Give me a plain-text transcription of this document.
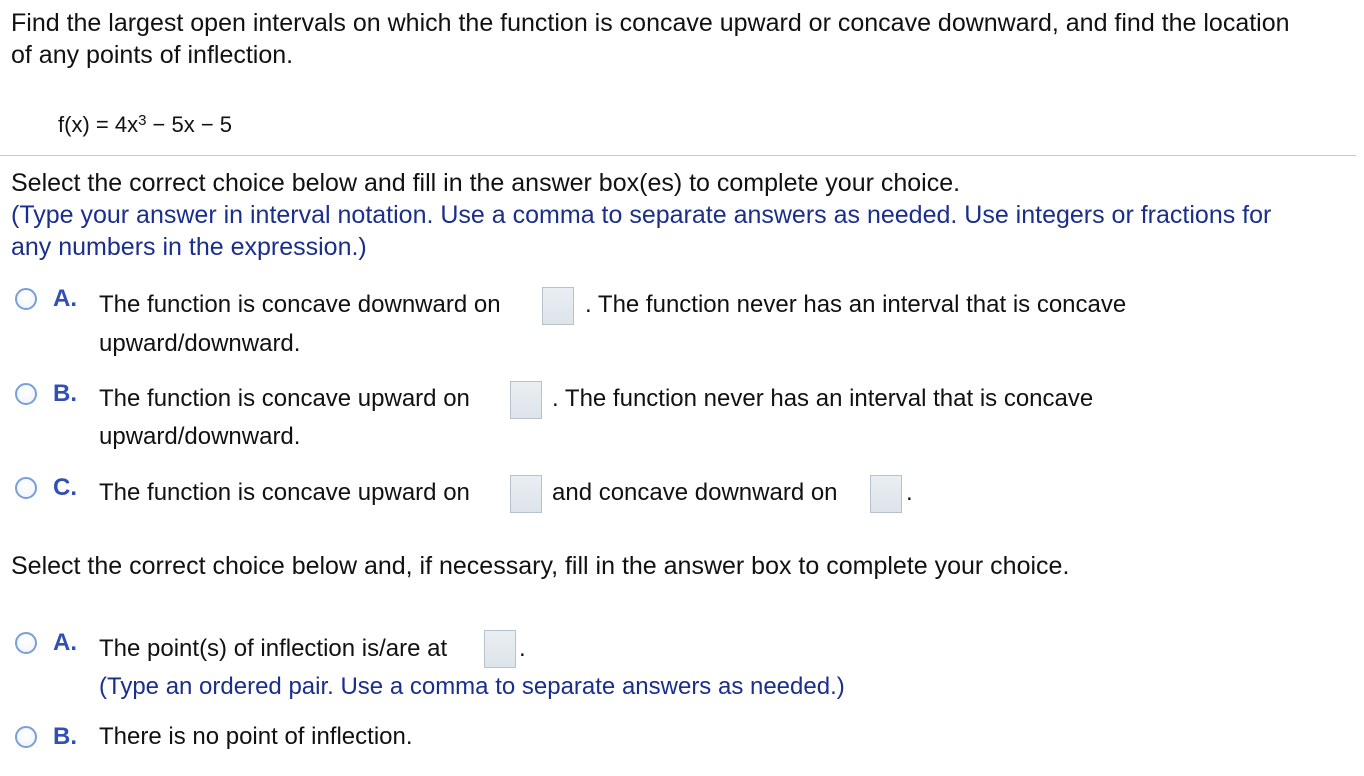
Find the largest open intervals on which the function is concave upward or concave downward, and find the location

of any points of inflection.

$f(x) = 4x^3 - 5x - 5$

Select the correct choice below and fill in the answer box(es) to complete your choice.

(Type your answer in interval notation. Use a comma to separate answers as needed. Use integers or fractions for

any numbers in the expression.)

A. The function is concave downward on	. The function never has an interval that is concave
upward/downward.
B. The function is concave upward on	. The function never has an interval that is concave
upward/downward.
C. The function is concave upward on	and concave downward on	.

Select the correct choice below and, if necessary, fill in the answer box to complete your choice.

A. The point(s) of inflection is/are at	.
(Type an ordered pair. Use a comma to separate answers as needed.)
B. There is no point of inflection.
